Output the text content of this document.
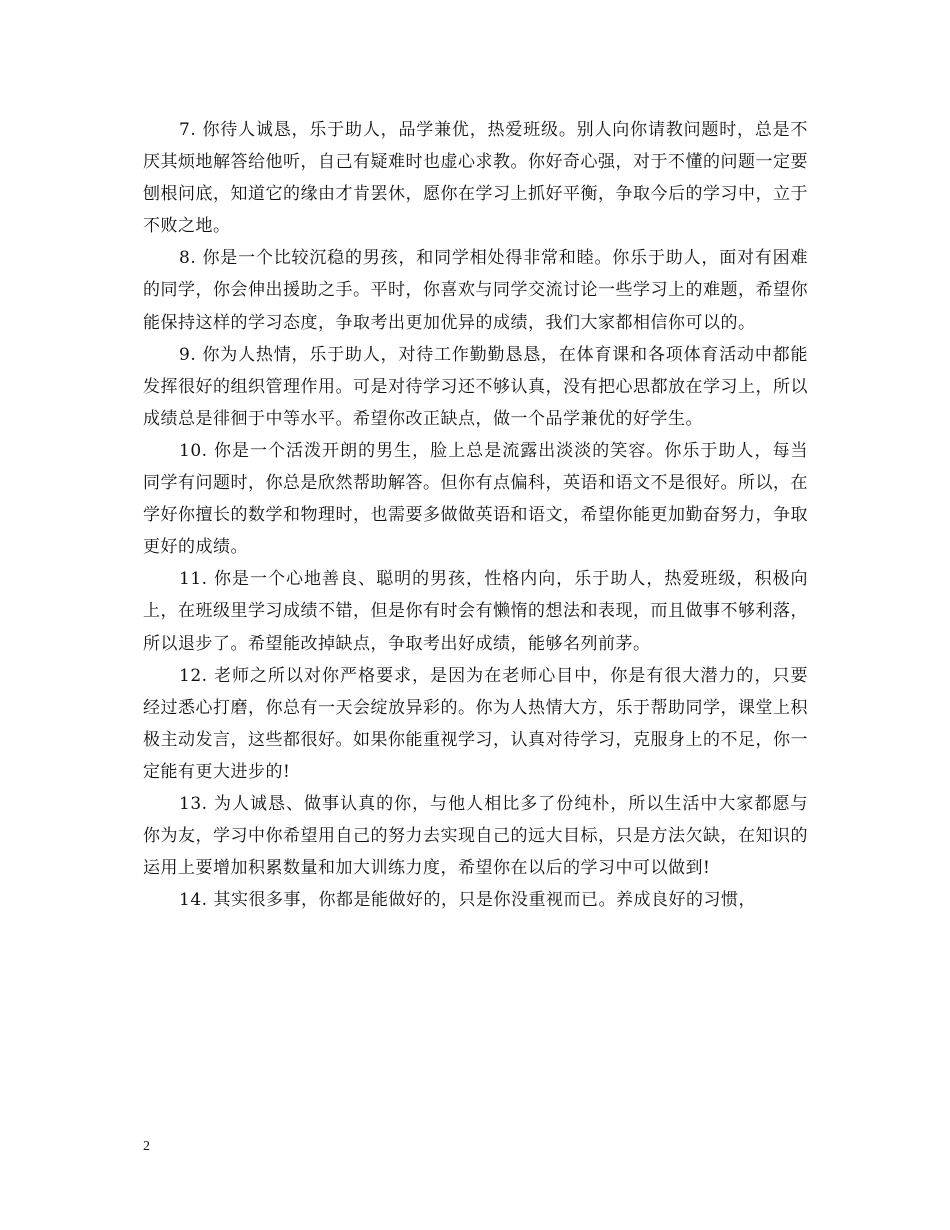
7. 你待人诚恳，乐于助人，品学兼优，热爱班级。别人向你请教问题时，总是不厌其烦地解答给他听，自己有疑难时也虚心求教。你好奇心强，对于不懂的问题一定要刨根问底，知道它的缘由才肯罢休，愿你在学习上抓好平衡，争取今后的学习中，立于不败之地。

8. 你是一个比较沉稳的男孩，和同学相处得非常和睦。你乐于助人，面对有困难的同学，你会伸出援助之手。平时，你喜欢与同学交流讨论一些学习上的难题，希望你能保持这样的学习态度，争取考出更加优异的成绩，我们大家都相信你可以的。

9. 你为人热情，乐于助人，对待工作勤勤恳恳，在体育课和各项体育活动中都能发挥很好的组织管理作用。可是对待学习还不够认真，没有把心思都放在学习上，所以成绩总是徘徊于中等水平。希望你改正缺点，做一个品学兼优的好学生。

10. 你是一个活泼开朗的男生，脸上总是流露出淡淡的笑容。你乐于助人，每当同学有问题时，你总是欣然帮助解答。但你有点偏科，英语和语文不是很好。所以，在学好你擅长的数学和物理时，也需要多做做英语和语文，希望你能更加勤奋努力，争取更好的成绩。

11. 你是一个心地善良、聪明的男孩，性格内向，乐于助人，热爱班级，积极向上，在班级里学习成绩不错，但是你有时会有懒惰的想法和表现，而且做事不够利落，所以退步了。希望能改掉缺点，争取考出好成绩，能够名列前茅。

12. 老师之所以对你严格要求，是因为在老师心目中，你是有很大潜力的，只要经过悉心打磨，你总有一天会绽放异彩的。你为人热情大方，乐于帮助同学，课堂上积极主动发言，这些都很好。如果你能重视学习，认真对待学习，克服身上的不足，你一定能有更大进步的!

13. 为人诚恳、做事认真的你，与他人相比多了份纯朴，所以生活中大家都愿与你为友，学习中你希望用自己的努力去实现自己的远大目标，只是方法欠缺，在知识的运用上要增加积累数量和加大训练力度，希望你在以后的学习中可以做到!

14. 其实很多事，你都是能做好的，只是你没重视而已。养成良好的习惯，

2
